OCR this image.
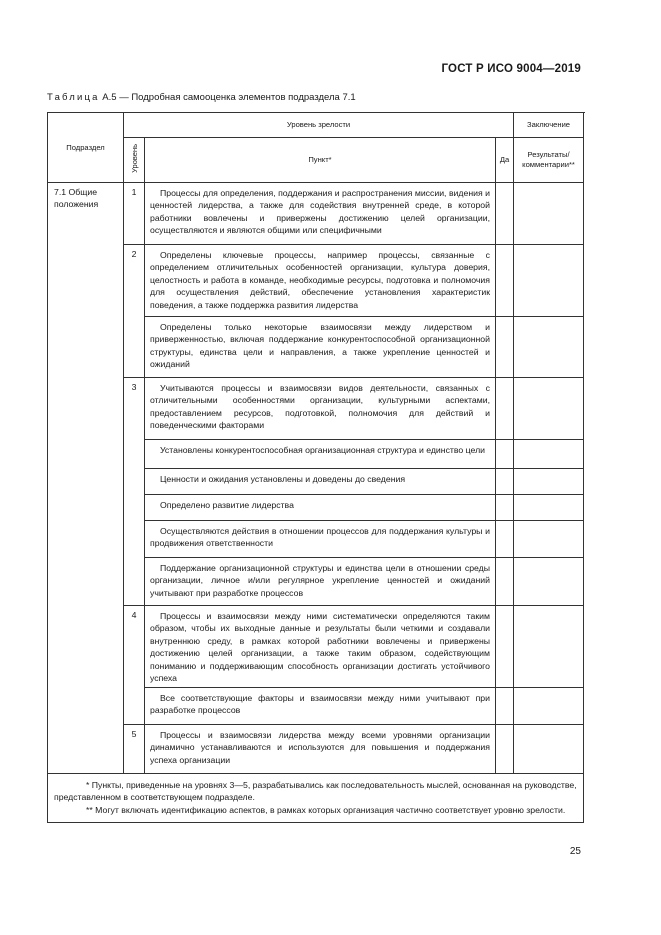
ГОСТ Р ИСО 9004—2019
Таблица А.5 — Подробная самооценка элементов подраздела 7.1
Подраздел	Уровень зрелости			Заключение
	Уровень	Пункт*	Да	Результаты/ комментарии**
7.1 Общие положения	1	Процессы для определения, поддержания и распространения миссии, видения и ценностей лидерства, а также для содействия внутренней среде, в которой работники вовлечены и привержены достижению целей организации, осуществляются и являются общими или специфичными		
	2	Определены ключевые процессы, например процессы, связанные с определением отличительных особенностей организации, культура доверия, целостность и работа в команде, необходимые ресурсы, подготовка и полномочия для осуществления действий, обеспечение установления характеристик поведения, а также поддержка развития лидерства		
		Определены только некоторые взаимосвязи между лидерством и приверженностью, включая поддержание конкурентоспособной организационной структуры, единства цели и направления, а также укрепление ценностей и ожиданий		
	3	Учитываются процессы и взаимосвязи видов деятельности, связанных с отличительными особенностями организации, культурными аспектами, предоставлением ресурсов, подготовкой, полномочия для действий и поведенческими факторами		
		Установлены конкурентоспособная организационная структура и единство цели		
		Ценности и ожидания установлены и доведены до сведения		
		Определено развитие лидерства		
		Осуществляются действия в отношении процессов для поддержания культуры и продвижения ответственности		
		Поддержание организационной структуры и единства цели в отношении среды организации, личное и/или регулярное укрепление ценностей и ожиданий учитывают при разработке процессов		
	4	Процессы и взаимосвязи между ними систематически определяются таким образом, чтобы их выходные данные и результаты были четкими и создавали внутреннюю среду, в рамках которой работники вовлечены и привержены достижению целей организации, а также таким образом, содействующим пониманию и поддерживающим способность организации достигать устойчивого успеха		
		Все соответствующие факторы и взаимосвязи между ними учитывают при разработке процессов		
	5	Процессы и взаимосвязи лидерства между всеми уровнями организации динамично устанавливаются и используются для повышения и поддержания успеха организации		

* Пункты, приведенные на уровнях 3—5, разрабатывались как последовательность мыслей, основанная на руководстве, представленном в соответствующем подразделе.

** Могут включать идентификацию аспектов, в рамках которых организация частично соответствует уровню зрелости.				

25
